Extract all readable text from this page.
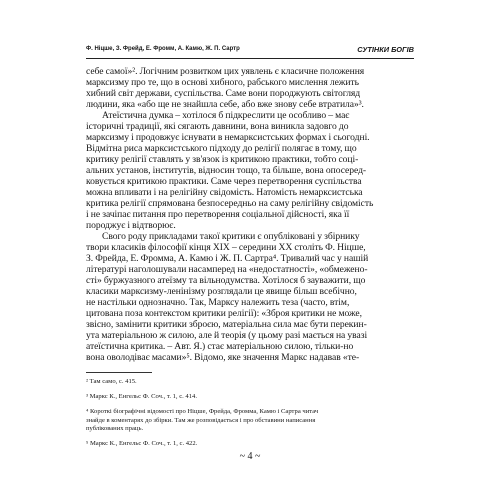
Ф. Ніцше, З. Фрейд, Е. Фромм, А. Камю, Ж. П. Сартр	СУТІНКИ БОГІВ
себе самої»². Логічним розвитком цих уявлень є класичне положення
марксизму про те, що в основі хибного, рабського мислення лежить
хибний світ держави, суспільства. Саме вони породжують світогляд
людини, яка «або ще не знайшла себе, або вже знову себе втратила»³.
Атеїстична думка – хотілося б підкреслити це особливо – має
історичні традиції, які сягають давнини, вона виникла задовго до
марксизму і продовжує існувати в немарксистських формах і сьогодні.
Відмітна риса марксистського підходу до релігії полягає в тому, що
критику релігії ставлять у зв'язок із критикою практики, тобто соці-
альних установ, інститутів, відносин тощо, та більше, вона опосеред-
ковується критикою практики. Саме через перетворення суспільства
можна впливати і на релігійну свідомість. Натомість немарксистська
критика релігії спрямована безпосередньо на саму релігійну свідомість
і не зачіпає питання про перетворення соціальної дійсності, яка її
породжує і відтворює.
Свого роду прикладами такої критики є опубліковані у збірнику
твори класиків філософії кінця XIX – середини XX століть Ф. Ніцше,
З. Фрейда, Е. Фромма, А. Камю і Ж. П. Сартра⁴. Тривалий час у нашій
літературі наголошували насамперед на «недостатності», «обмежено-
сті» буржуазного атеїзму та вільнодумства. Хотілося б зауважити, що
класики марксизму-ленінізму розглядали це явище більш всебічно,
не настільки однозначно. Так, Марксу належить теза (часто, втім,
цитована поза контекстом критики релігії): «Зброя критики не може,
звісно, замінити критики зброєю, матеріальна сила має бути перекин-
ута матеріальною ж силою, але й теорія (у цьому разі мається на увазі
атеїстична критика. – Авт. Я.) стає матеріальною силою, тільки-но
вона оволодіває масами»⁵. Відомо, яке значення Маркс надавав «те-
² Там само, с. 415.
³ Маркс К., Енгельс Ф. Соч., т. 1, с. 414.
⁴ Короткі біографічні відомості про Ніцше, Фрейда, Фромма, Камю і Сартра читач
знайде в коментарях до збірки. Там же розповідається і про обставини написання
публікованих праць.
⁵ Маркс К., Енгельс Ф. Соч., т. 1, с. 422.
~ 4 ~
